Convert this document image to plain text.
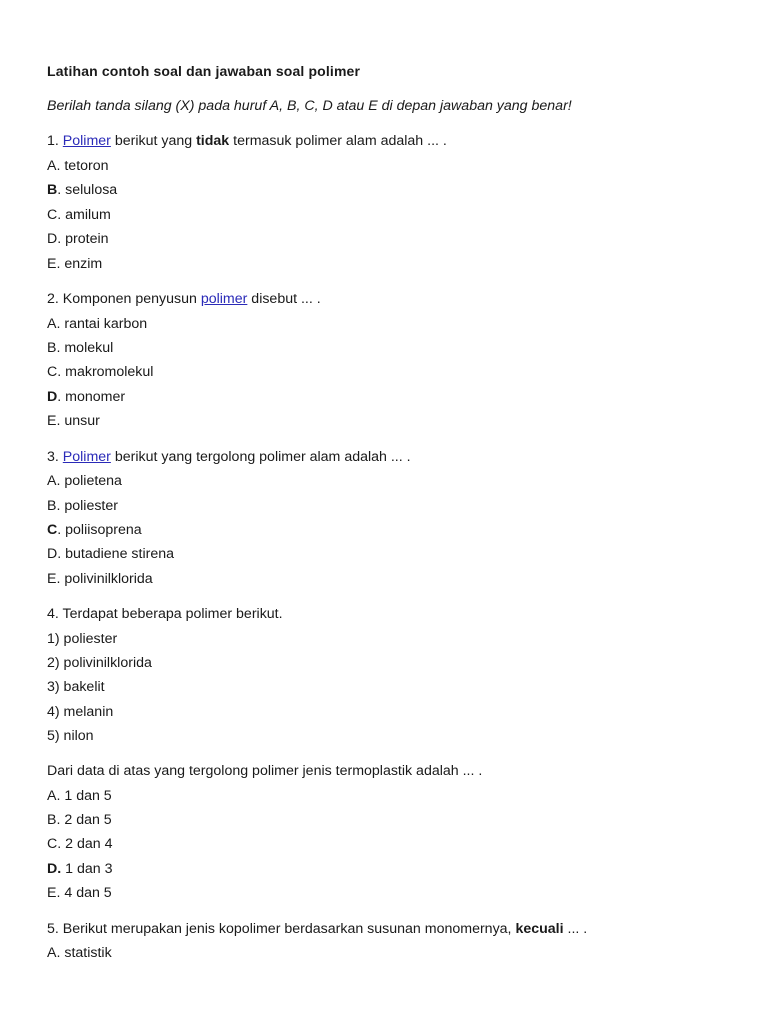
Latihan contoh soal dan jawaban soal polimer
Berilah tanda silang (X) pada huruf A, B, C, D atau E di depan jawaban yang benar!
1. Polimer berikut yang tidak termasuk polimer alam adalah ... .
A. tetoron
B. selulosa
C. amilum
D. protein
E. enzim
2. Komponen penyusun polimer disebut ... .
A. rantai karbon
B. molekul
C. makromolekul
D. monomer
E. unsur
3. Polimer berikut yang tergolong polimer alam adalah ... .
A. polietena
B. poliester
C. poliisoprena
D. butadiene stirena
E. polivinilklorida
4. Terdapat beberapa polimer berikut.
1) poliester
2) polivinilklorida
3) bakelit
4) melanin
5) nilon
Dari data di atas yang tergolong polimer jenis termoplastik adalah ... .
A. 1 dan 5
B. 2 dan 5
C. 2 dan 4
D. 1 dan 3
E. 4 dan 5
5. Berikut merupakan jenis kopolimer berdasarkan susunan monomernya, kecuali ... .
A. statistik
